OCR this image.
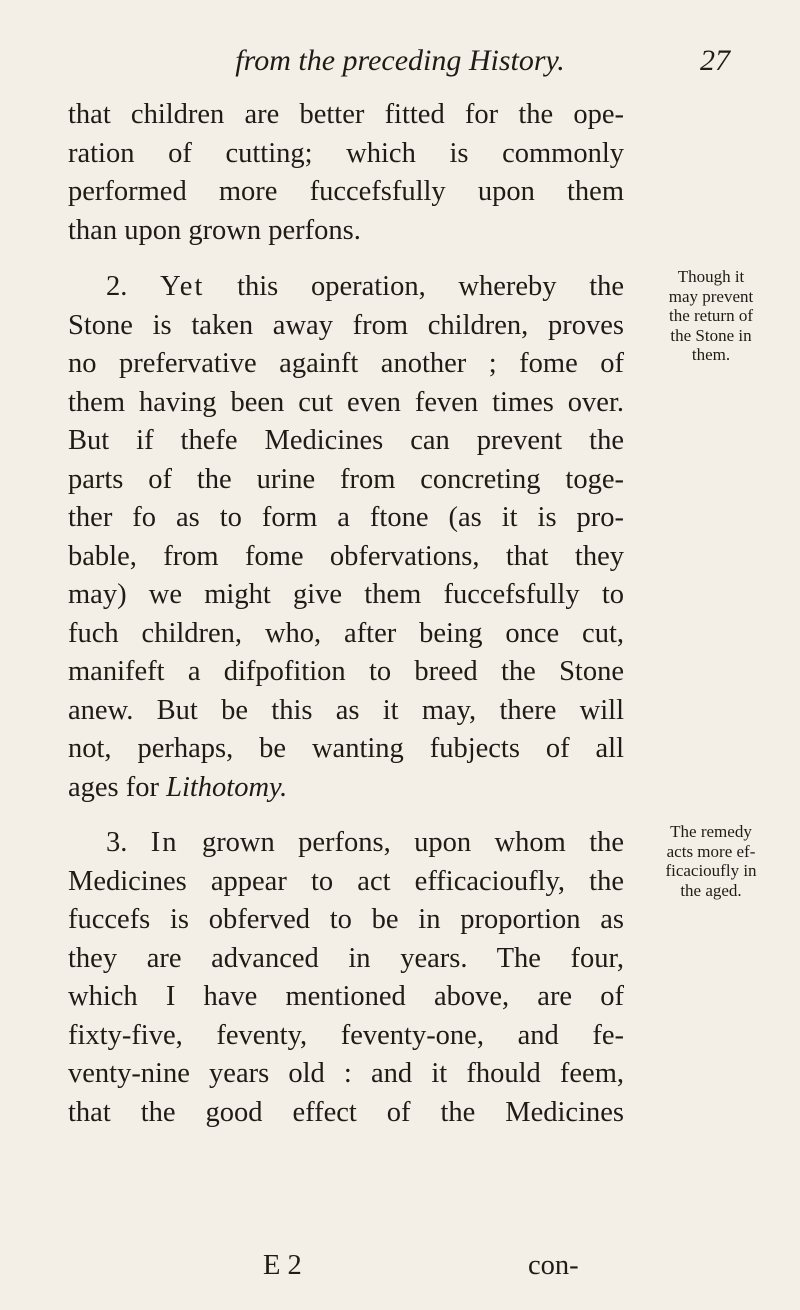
from the preceding History.	27
that children are better fitted for the ope-
ration of cutting; which is commonly
performed more fuccefsfully upon them
than upon grown perfons.
2. Yet this operation, whereby the
Stone is taken away from children, proves
no prefervative againft another ; fome of
them having been cut even feven times over.
But if thefe Medicines can prevent the
parts of the urine from concreting toge-
ther fo as to form a ftone (as it is pro-
bable, from fome obfervations, that they
may) we might give them fuccefsfully to
fuch children, who, after being once cut,
manifeft a difpofition to breed the Stone
anew. But be this as it may, there will
not, perhaps, be wanting fubjects of all
ages for Lithotomy.
Though it
may prevent
the return of
the Stone in
them.
3. In grown perfons, upon whom the
Medicines appear to act efficacioufly, the
fuccefs is obferved to be in proportion as
they are advanced in years. The four,
which I have mentioned above, are of
fixty-five, feventy, feventy-one, and fe-
venty-nine years old : and it fhould feem,
that the good effect of the Medicines
The remedy
acts more ef-
ficacioufly in
the aged.
E 2	con-
